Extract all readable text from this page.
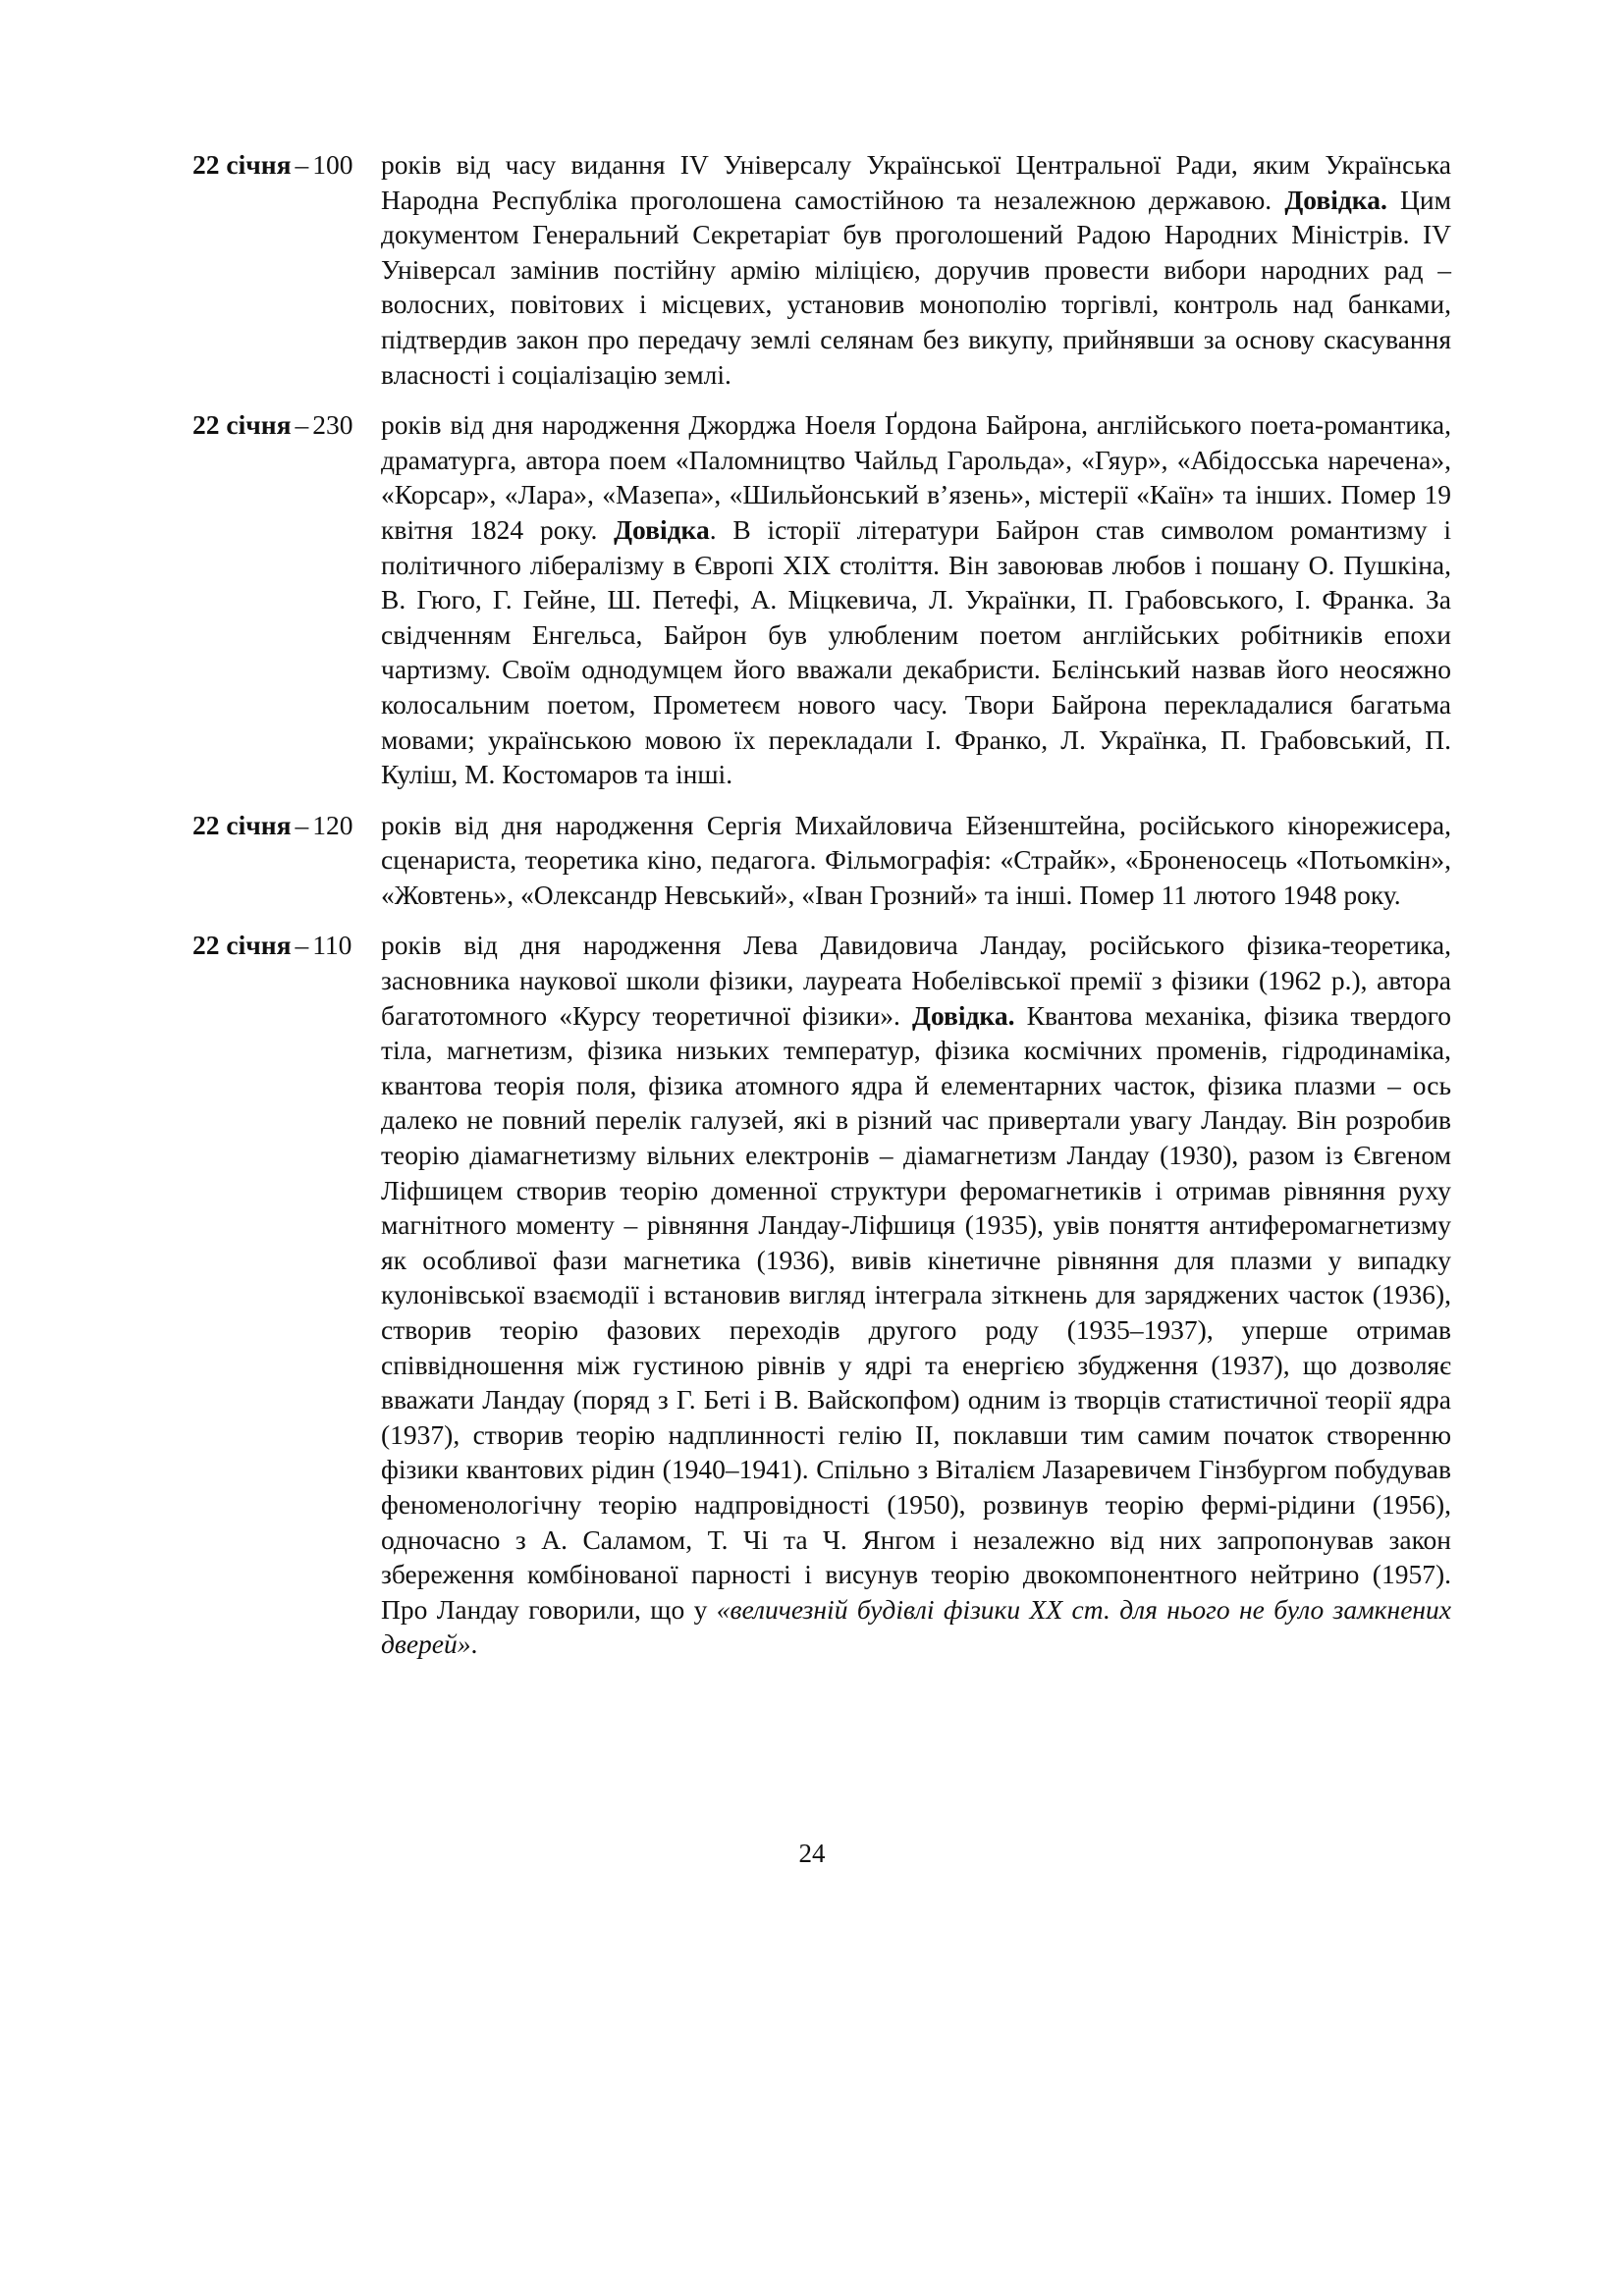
22 січня – 100	років від часу видання IV Універсалу Української Центральної Ради, яким Українська Народна Республіка проголошена самостійною та незалежною державою. Довідка. Цим документом Генеральний Секретаріат був проголошений Радою Народних Міністрів. IV Універсал замінив постійну армію міліцією, доручив провести вибори народних рад – волосних, повітових і місцевих, установив монополію торгівлі, контроль над банками, підтвердив закон про передачу землі селянам без викупу, прийнявши за основу скасування власності і соціалізацію землі.
22 січня – 230	років від дня народження Джорджа Ноеля Ґордона Байрона, англійського поета-романтика, драматурга, автора поем «Паломництво Чайльд Гарольда», «Гяур», «Абідосська наречена», «Корсар», «Лара», «Мазепа», «Шильйонський в’язень», містерії «Каїн» та інших. Помер 19 квітня 1824 року. Довідка. В історії літератури Байрон став символом романтизму і політичного лібералізму в Європі XIX століття. Він завоював любов і пошану О. Пушкіна, В. Гюго, Г. Гейне, Ш. Петефі, А. Міцкевича, Л. Українки, П. Грабовського, І. Франка. За свідченням Енгельса, Байрон був улюбленим поетом англійських робітників епохи чартизму. Своїм однодумцем його вважали декабристи. Бєлінський назвав його неосяжно колосальним поетом, Прометеєм нового часу. Твори Байрона перекладалися багатьма мовами; українською мовою їх перекладали І. Франко, Л. Українка, П. Грабовський, П. Куліш, М. Костомаров та інші.
22 січня – 120	років від дня народження Сергія Михайловича Ейзенштейна, російського кінорежисера, сценариста, теоретика кіно, педагога. Фільмографія: «Страйк», «Броненосець «Потьомкін», «Жовтень», «Олександр Невський», «Іван Грозний» та інші. Помер 11 лютого 1948 року.
22 січня – 110	років від дня народження Лева Давидовича Ландау, російського фізика-теоретика, засновника наукової школи фізики, лауреата Нобелівської премії з фізики (1962 р.), автора багатотомного «Курсу теоретичної фізики». Довідка. Квантова механіка, фізика твердого тіла, магнетизм, фізика низьких температур, фізика космічних променів, гідродинаміка, квантова теорія поля, фізика атомного ядра й елементарних часток, фізика плазми – ось далеко не повний перелік галузей, які в різний час привертали увагу Ландау. Він розробив теорію діамагнетизму вільних електронів – діамагнетизм Ландау (1930), разом із Євгеном Ліфшицем створив теорію доменної структури феромагнетиків і отримав рівняння руху магнітного моменту – рівняння Ландау-Ліфшиця (1935), увів поняття антиферомагнетизму як особливої фази магнетика (1936), вивів кінетичне рівняння для плазми у випадку кулонівської взаємодії і встановив вигляд інтеграла зіткнень для заряджених часток (1936), створив теорію фазових переходів другого роду (1935–1937), уперше отримав співвідношення між густиною рівнів у ядрі та енергією збудження (1937), що дозволяє вважати Ландау (поряд з Г. Беті і В. Вайскопфом) одним із творців статистичної теорії ядра (1937), створив теорію надплинності гелію II, поклавши тим самим початок створенню фізики квантових рідин (1940–1941). Спільно з Віталієм Лазаревичем Гінзбургом побудував феноменологічну теорію надпровідності (1950), розвинув теорію фермі-рідини (1956), одночасно з А. Саламом, Т. Чі та Ч. Янгом і незалежно від них запропонував закон збереження комбінованої парності і висунув теорію двокомпонентного нейтрино (1957). Про Ландау говорили, що у «величезній будівлі фізики XX ст. для нього не було замкнених дверей».
24
